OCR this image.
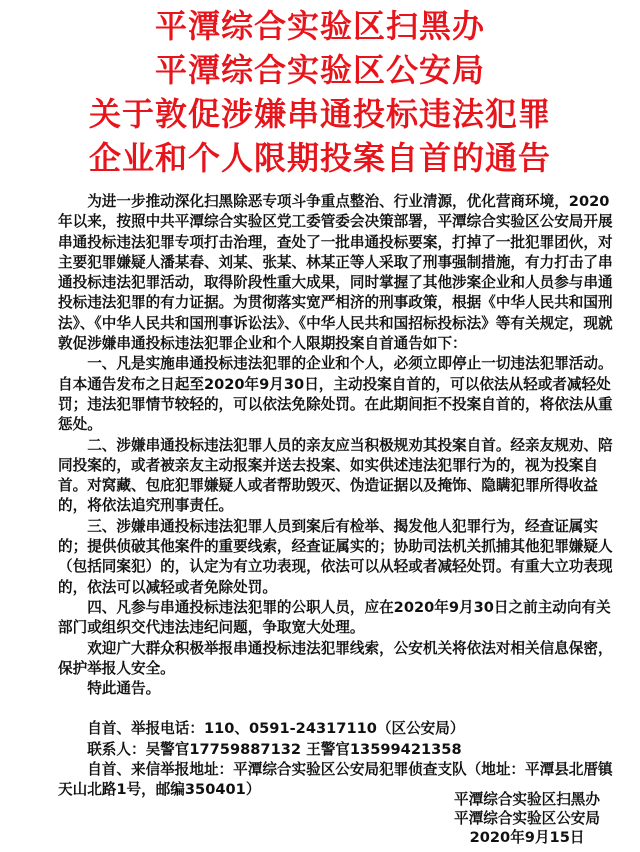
平潭综合实验区扫黑办
平潭综合实验区公安局
关于敦促涉嫌串通投标违法犯罪
企业和个人限期投案自首的通告

为进一步推动深化扫黑除恶专项斗争重点整治、行业清源，优化营商环境，2020年以来，按照中共平潭综合实验区党工委管委会决策部署，平潭综合实验区公安局开展串通投标违法犯罪专项打击治理，查处了一批串通投标要案，打掉了一批犯罪团伙，对主要犯罪嫌疑人潘某春、刘某、张某、林某正等人采取了刑事强制措施，有力打击了串通投标违法犯罪活动，取得阶段性重大成果，同时掌握了其他涉案企业和人员参与串通投标违法犯罪的有力证据。为贯彻落实宽严相济的刑事政策，根据《中华人民共和国刑法》、《中华人民共和国刑事诉讼法》、《中华人民共和国招标投标法》等有关规定，现就敦促涉嫌串通投标违法犯罪企业和个人限期投案自首通告如下：

一、凡是实施串通投标违法犯罪的企业和个人，必须立即停止一切违法犯罪活动。自本通告发布之日起至2020年9月30日，主动投案自首的，可以依法从轻或者减轻处罚；违法犯罪情节较轻的，可以依法免除处罚。在此期间拒不投案自首的，将依法从重惩处。

二、涉嫌串通投标违法犯罪人员的亲友应当积极规劝其投案自首。经亲友规劝、陪同投案的，或者被亲友主动报案并送去投案、如实供述违法犯罪行为的，视为投案自首。对窝藏、包庇犯罪嫌疑人或者帮助毁灭、伪造证据以及掩饰、隐瞒犯罪所得收益的，将依法追究刑事责任。

三、涉嫌串通投标违法犯罪人员到案后有检举、揭发他人犯罪行为，经查证属实的；提供侦破其他案件的重要线索，经查证属实的；协助司法机关抓捕其他犯罪嫌疑人（包括同案犯）的，认定为有立功表现，依法可以从轻或者减轻处罚。有重大立功表现的，依法可以减轻或者免除处罚。

四、凡参与串通投标违法犯罪的公职人员，应在2020年9月30日之前主动向有关部门或组织交代违法违纪问题，争取宽大处理。

欢迎广大群众积极举报串通投标违法犯罪线索，公安机关将依法对相关信息保密，保护举报人安全。

特此通告。

自首、举报电话：110、0591-24317110（区公安局）

联系人：吴警官17759887132 王警官13599421358

自首、来信举报地址：平潭综合实验区公安局犯罪侦查支队（地址：平潭县北厝镇天山北路1号，邮编350401）

平潭综合实验区扫黑办
平潭综合实验区公安局
2020年9月15日
